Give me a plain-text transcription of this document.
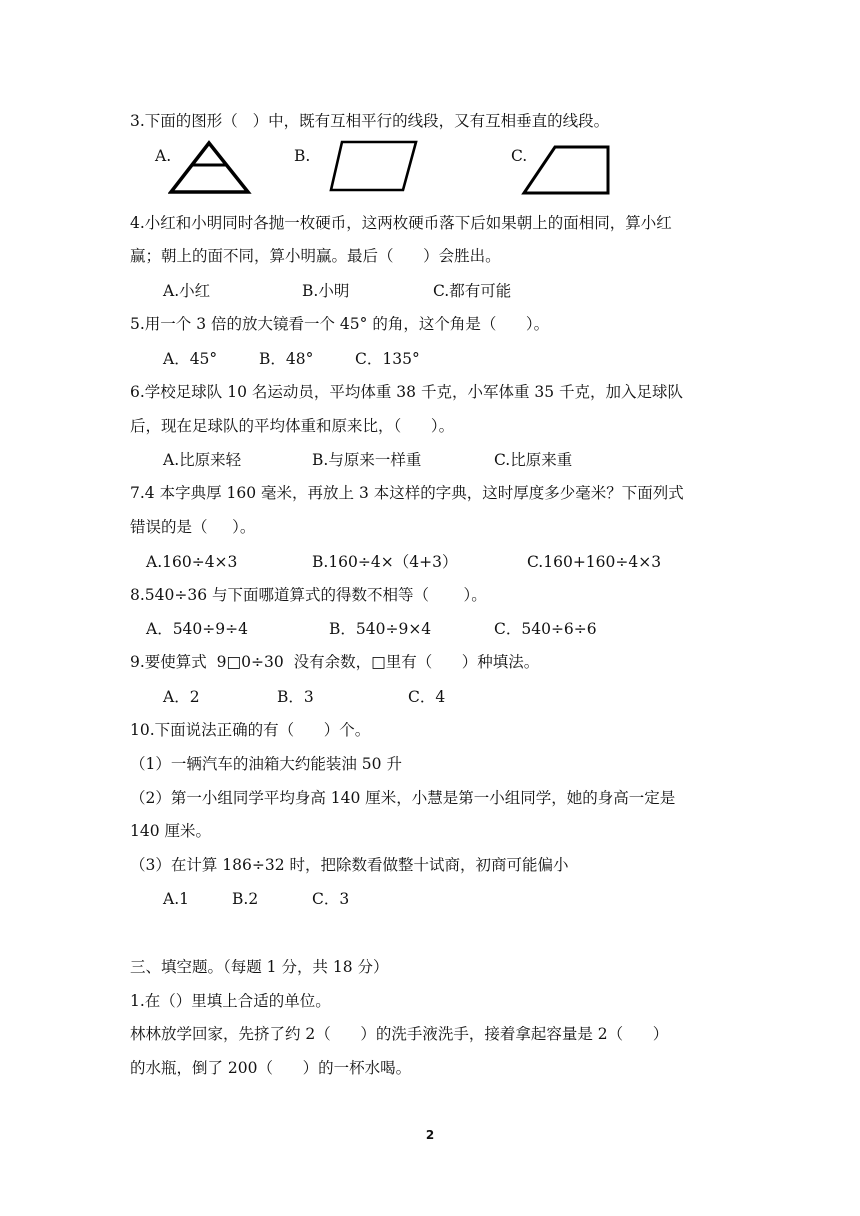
3.下面的图形（   ）中，既有互相平行的线段，又有互相垂直的线段。
A.	B.	C.
4.小红和小明同时各抛一枚硬币，这两枚硬币落下后如果朝上的面相同，算小红
赢；朝上的面不同，算小明赢。最后（      ）会胜出。
A.小红	B.小明	C.都有可能
5.用一个 3 倍的放大镜看一个 45° 的角，这个角是（      ）。
A．45°	B．48°	C．135°
6.学校足球队 10 名运动员，平均体重 38 千克，小军体重 35 千克，加入足球队
后，现在足球队的平均体重和原来比，（      ）。
A.比原来轻	B.与原来一样重	C.比原来重
7.4 本字典厚 160 毫米，再放上 3 本这样的字典，这时厚度多少毫米？下面列式
错误的是（     ）。
A.160÷4×3	B.160÷4×（4+3）	C.160+160÷4×3
8.540÷36 与下面哪道算式的得数不相等（       ）。
A．540÷9÷4	B．540÷9×4	C．540÷6÷6
9.要使算式  9□0÷30  没有余数，□里有（      ）种填法。
A．2	B．3	C．4
10.下面说法正确的有（      ）个。
（1）一辆汽车的油箱大约能装油 50 升
（2）第一小组同学平均身高 140 厘米，小慧是第一小组同学，她的身高一定是
140 厘米。
（3）在计算 186÷32 时，把除数看做整十试商，初商可能偏小
A.1	B.2	C．3
三、填空题。（每题 1 分，共 18 分）
1.在（）里填上合适的单位。
林林放学回家，先挤了约 2（      ）的洗手液洗手，接着拿起容量是 2（      ）
的水瓶，倒了 200（      ）的一杯水喝。
2
